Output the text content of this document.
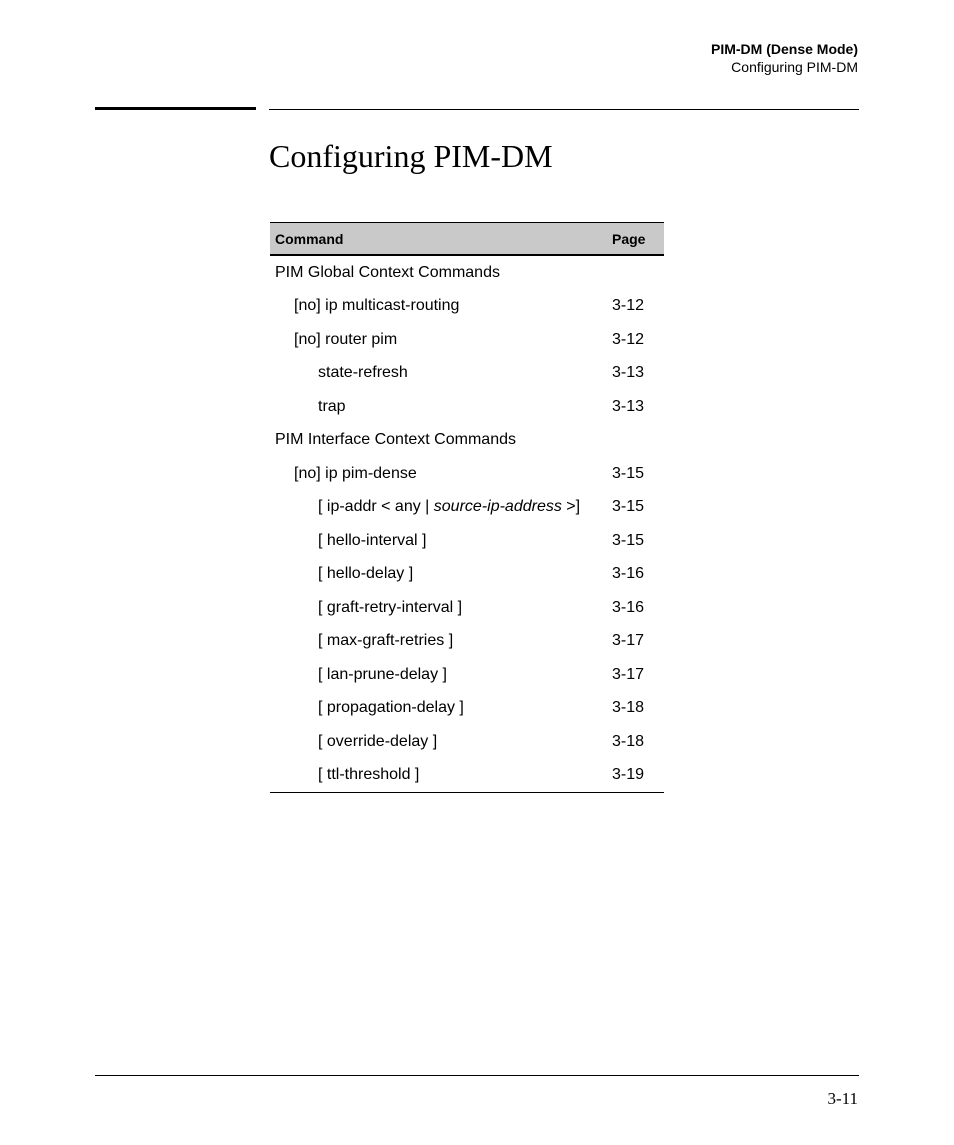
PIM-DM (Dense Mode)
Configuring PIM-DM
Configuring PIM-DM
Command	Page
PIM Global Context Commands	
[no] ip multicast-routing	3-12
[no] router pim	3-12
state-refresh	3-13
trap	3-13
PIM Interface Context Commands	
[no] ip pim-dense	3-15
[ ip-addr < any | source-ip-address >]	3-15
[ hello-interval ]	3-15
[ hello-delay ]	3-16
[ graft-retry-interval ]	3-16
[ max-graft-retries ]	3-17
[ lan-prune-delay ]	3-17
[ propagation-delay ]	3-18
[ override-delay ]	3-18
[ ttl-threshold ]	3-19
3-11
